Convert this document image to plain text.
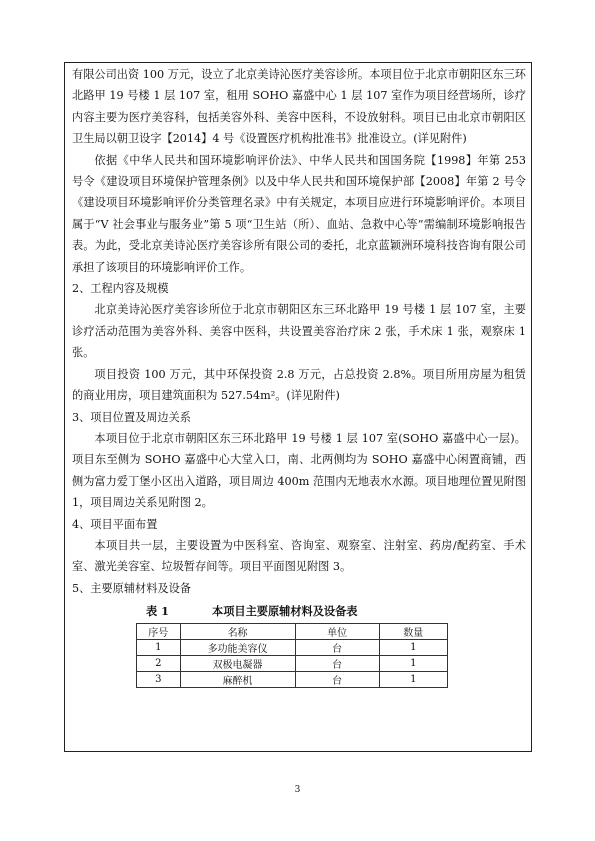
有限公司出资 100 万元，设立了北京美诗沁医疗美容诊所。本项目位于北京市朝阳区东三环北路甲 19 号楼 1 层 107 室，租用 SOHO 嘉盛中心 1 层 107 室作为项目经营场所，诊疗内容主要为医疗美容科，包括美容外科、美容中医科，不设放射科。项目已由北京市朝阳区卫生局以朝卫设字【2014】4 号《设置医疗机构批准书》批准设立。(详见附件)

依据《中华人民共和国环境影响评价法》、中华人民共和国国务院【1998】年第 253 号令《建设项目环境保护管理条例》以及中华人民共和国环境保护部【2008】年第 2 号令《建设项目环境影响评价分类管理名录》中有关规定，本项目应进行环境影响评价。本项目属于“V 社会事业与服务业”第 5 项“卫生站（所）、血站、急救中心等”需编制环境影响报告表。为此，受北京美诗沁医疗美容诊所有限公司的委托，北京蓝颖洲环境科技咨询有限公司承担了该项目的环境影响评价工作。

2、工程内容及规模

北京美诗沁医疗美容诊所位于北京市朝阳区东三环北路甲 19 号楼 1 层 107 室，主要诊疗活动范围为美容外科、美容中医科，共设置美容治疗床 2 张，手术床 1 张，观察床 1 张。

项目投资 100 万元，其中环保投资 2.8 万元，占总投资 2.8%。项目所用房屋为租赁的商业用房，项目建筑面积为 527.54m²。(详见附件)

3、项目位置及周边关系

本项目位于北京市朝阳区东三环北路甲 19 号楼 1 层 107 室(SOHO 嘉盛中心一层)。项目东至侧为 SOHO 嘉盛中心大堂入口，南、北两侧均为 SOHO 嘉盛中心闲置商铺，西侧为富力爱丁堡小区出入道路，项目周边 400m 范围内无地表水水源。项目地理位置见附图 1，项目周边关系见附图 2。

4、项目平面布置

本项目共一层，主要设置为中医科室、咨询室、观察室、注射室、药房/配药室、手术室、激光美容室、垃圾暂存间等。项目平面图见附图 3。

5、主要原辅材料及设备

表 1	本项目主要原辅材料及设备表
序号	名称	单位	数量
1	多功能美容仪	台	1
2	双极电凝器	台	1
3	麻醉机	台	1
3
